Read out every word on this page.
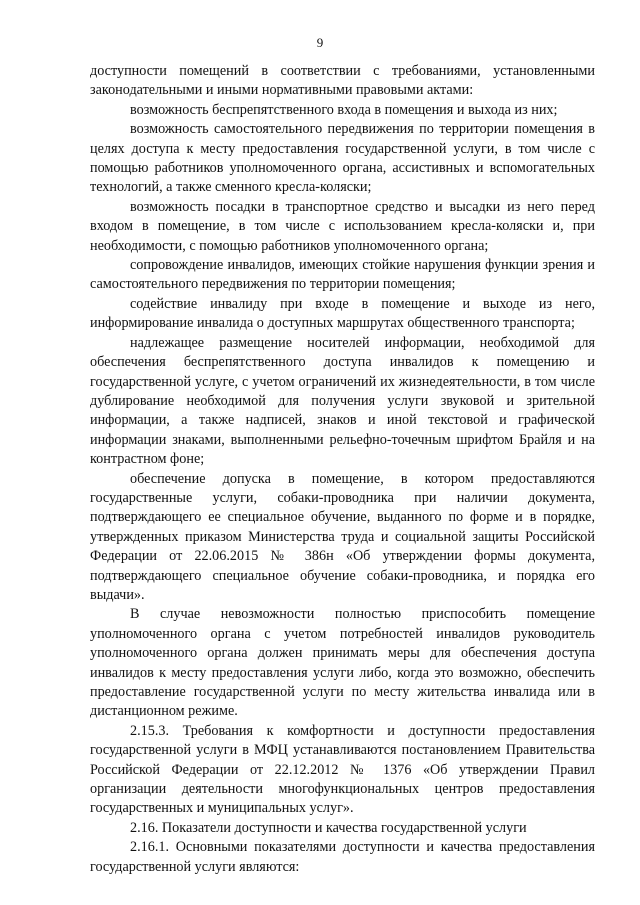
9

доступности помещений в соответствии с требованиями, установленными законодательными и иными нормативными правовыми актами:

возможность беспрепятственного входа в помещения и выхода из них;

возможность самостоятельного передвижения по территории помещения в целях доступа к месту предоставления государственной услуги, в том числе с помощью работников уполномоченного органа, ассистивных и вспомогательных технологий, а также сменного кресла-коляски;

возможность посадки в транспортное средство и высадки из него перед входом в помещение, в том числе с использованием кресла-коляски и, при необходимости, с помощью работников уполномоченного органа;

сопровождение инвалидов, имеющих стойкие нарушения функции зрения и самостоятельного передвижения по территории помещения;

содействие инвалиду при входе в помещение и выходе из него, информирование инвалида о доступных маршрутах общественного транспорта;

надлежащее размещение носителей информации, необходимой для обеспечения беспрепятственного доступа инвалидов к помещению и государственной услуге, с учетом ограничений их жизнедеятельности, в том числе дублирование необходимой для получения услуги звуковой и зрительной информации, а также надписей, знаков и иной текстовой и графической информации знаками, выполненными рельефно-точечным шрифтом Брайля и на контрастном фоне;

обеспечение допуска в помещение, в котором предоставляются государственные услуги, собаки-проводника при наличии документа, подтверждающего ее специальное обучение, выданного по форме и в порядке, утвержденных приказом Министерства труда и социальной защиты Российской Федерации от 22.06.2015 № 386н «Об утверждении формы документа, подтверждающего специальное обучение собаки-проводника, и порядка его выдачи».

В случае невозможности полностью приспособить помещение уполномоченного органа с учетом потребностей инвалидов руководитель уполномоченного органа должен принимать меры для обеспечения доступа инвалидов к месту предоставления услуги либо, когда это возможно, обеспечить предоставление государственной услуги по месту жительства инвалида или в дистанционном режиме.

2.15.3. Требования к комфортности и доступности предоставления государственной услуги в МФЦ устанавливаются постановлением Правительства Российской Федерации от 22.12.2012 № 1376 «Об утверждении Правил организации деятельности многофункциональных центров предоставления государственных и муниципальных услуг».

2.16. Показатели доступности и качества государственной услуги

2.16.1. Основными показателями доступности и качества предоставления государственной услуги являются:
